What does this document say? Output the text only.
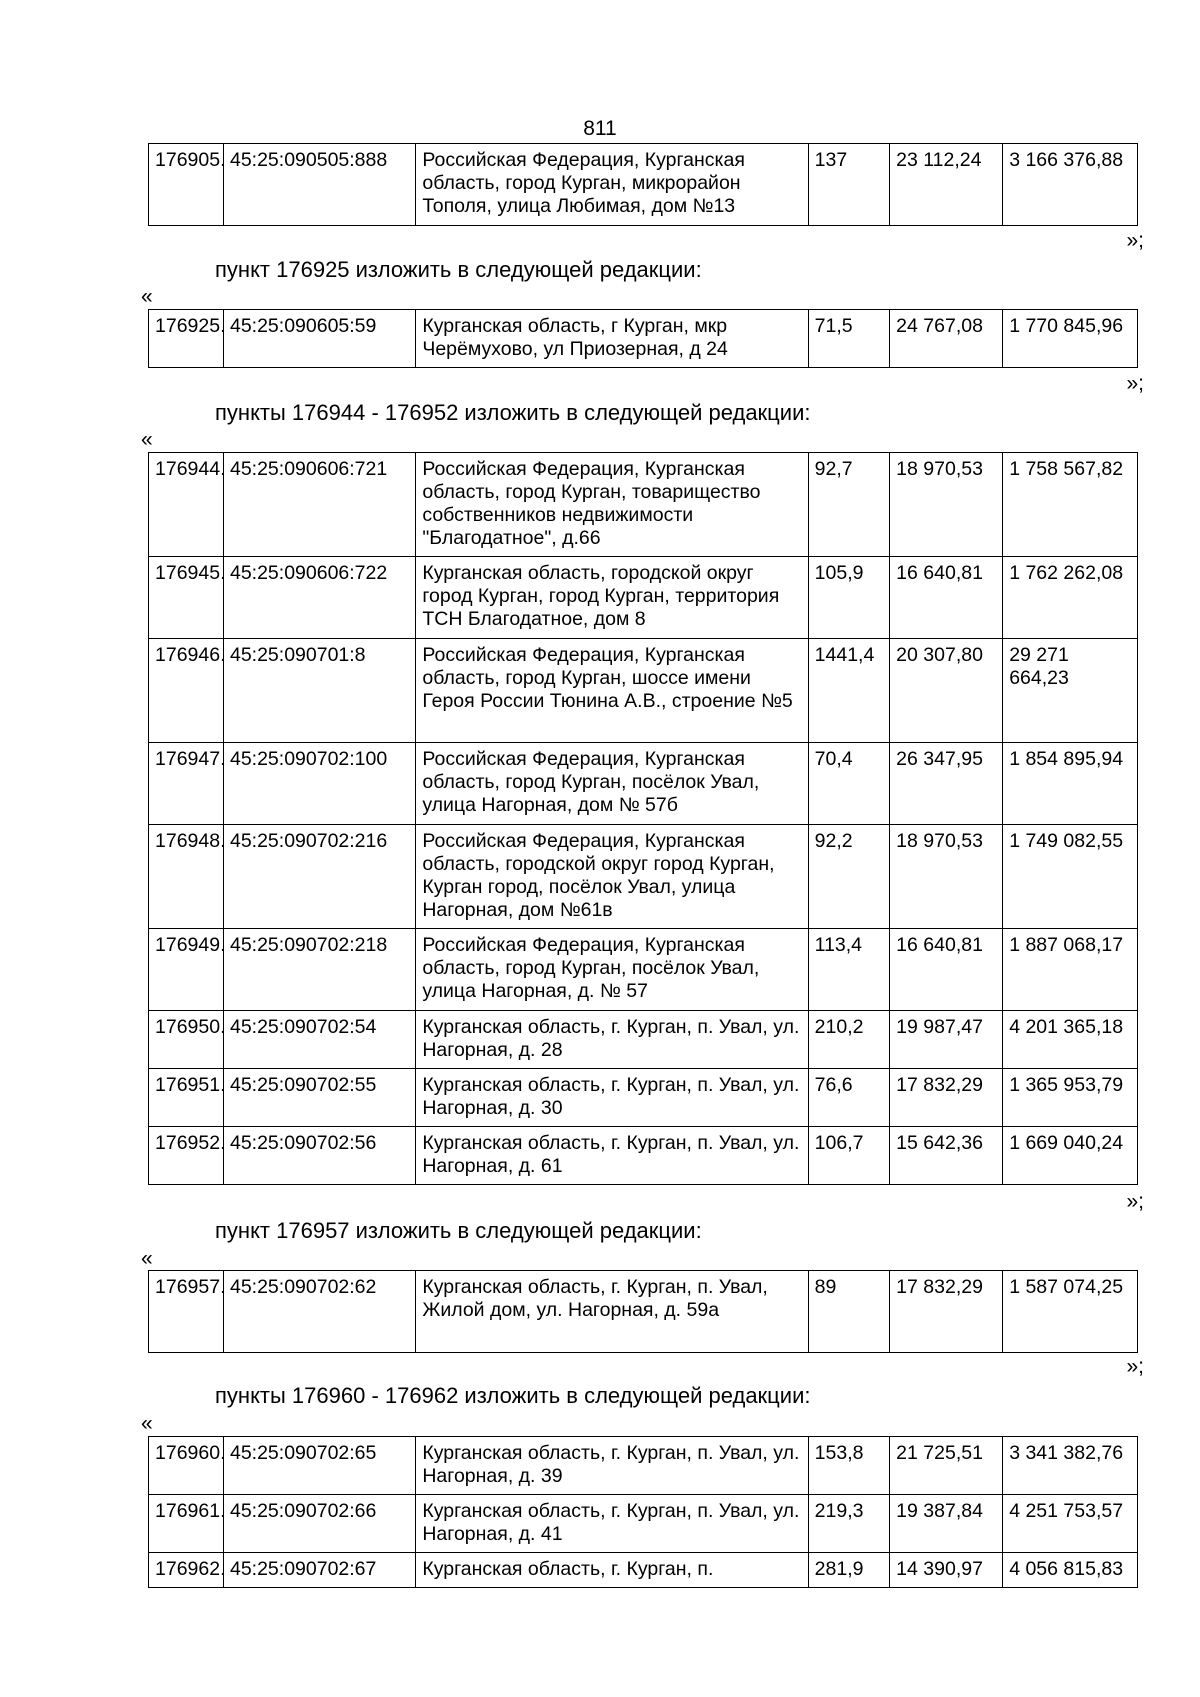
811
176905.	45:25:090505:888	Российская Федерация, Курганская область, город Курган, микрорайон Тополя, улица Любимая, дом №13	137	23 112,24	3 166 376,88
»;
пункт 176925 изложить в следующей редакции:
«
176925.	45:25:090605:59	Курганская область, г Курган, мкр Черёмухово, ул Приозерная, д 24	71,5	24 767,08	1 770 845,96
»;
пункты 176944 - 176952 изложить в следующей редакции:
«
176944.	45:25:090606:721	Российская Федерация, Курганская область, город Курган, товарищество собственников недвижимости "Благодатное", д.66	92,7	18 970,53	1 758 567,82
176945.	45:25:090606:722	Курганская область, городской округ город Курган, город Курган, территория ТСН Благодатное, дом 8	105,9	16 640,81	1 762 262,08
176946.	45:25:090701:8	Российская Федерация, Курганская область, город Курган, шоссе имени Героя России Тюнина А.В., строение №5	1441,4	20 307,80	29 271 664,23
176947.	45:25:090702:100	Российская Федерация, Курганская область, город Курган, посёлок Увал, улица Нагорная, дом № 57б	70,4	26 347,95	1 854 895,94
176948.	45:25:090702:216	Российская Федерация, Курганская область, городской округ город Курган, Курган город, посёлок Увал, улица Нагорная, дом №61в	92,2	18 970,53	1 749 082,55
176949.	45:25:090702:218	Российская Федерация, Курганская область, город Курган, посёлок Увал, улица Нагорная, д. № 57	113,4	16 640,81	1 887 068,17
176950.	45:25:090702:54	Курганская область, г. Курган, п. Увал, ул. Нагорная, д. 28	210,2	19 987,47	4 201 365,18
176951.	45:25:090702:55	Курганская область, г. Курган, п. Увал, ул. Нагорная, д. 30	76,6	17 832,29	1 365 953,79
176952.	45:25:090702:56	Курганская область, г. Курган, п. Увал, ул. Нагорная, д. 61	106,7	15 642,36	1 669 040,24
»;
пункт 176957 изложить в следующей редакции:
«
176957.	45:25:090702:62	Курганская область, г. Курган, п. Увал, Жилой дом, ул. Нагорная, д. 59а	89	17 832,29	1 587 074,25
»;
пункты 176960 - 176962 изложить в следующей редакции:
«
176960.	45:25:090702:65	Курганская область, г. Курган, п. Увал, ул. Нагорная, д. 39	153,8	21 725,51	3 341 382,76
176961.	45:25:090702:66	Курганская область, г. Курган, п. Увал, ул. Нагорная, д. 41	219,3	19 387,84	4 251 753,57
176962.	45:25:090702:67	Курганская область, г. Курган, п.	281,9	14 390,97	4 056 815,83
